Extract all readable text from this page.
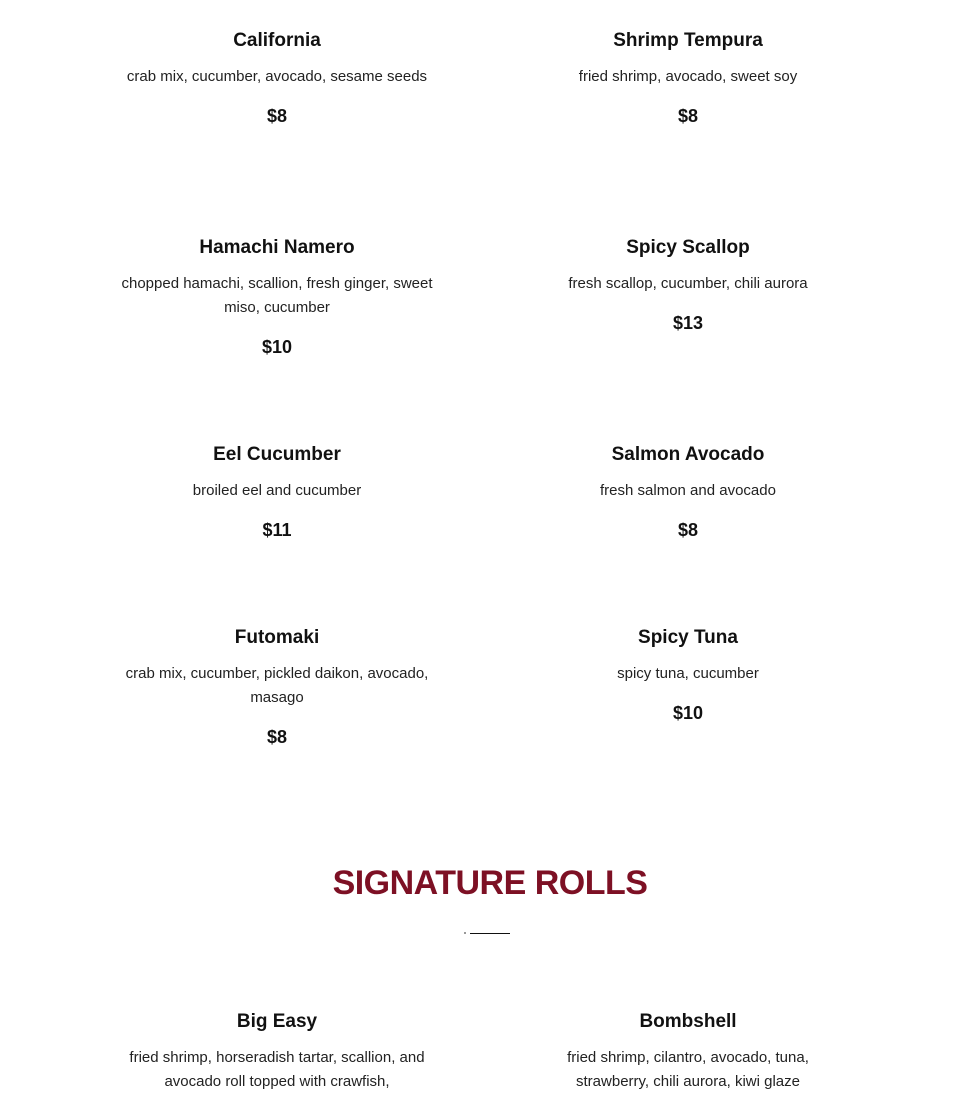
California
crab mix, cucumber, avocado, sesame seeds
$8
Shrimp Tempura
fried shrimp, avocado, sweet soy
$8
Hamachi Namero
chopped hamachi, scallion, fresh ginger, sweet miso, cucumber
$10
Spicy Scallop
fresh scallop, cucumber, chili aurora
$13
Eel Cucumber
broiled eel and cucumber
$11
Salmon Avocado
fresh salmon and avocado
$8
Futomaki
crab mix, cucumber, pickled daikon, avocado, masago
$8
Spicy Tuna
spicy tuna, cucumber
$10
SIGNATURE ROLLS
Big Easy
fried shrimp, horseradish tartar, scallion, and avocado roll topped with crawfish,
Bombshell
fried shrimp, cilantro, avocado, tuna, strawberry, chili aurora, kiwi glaze
